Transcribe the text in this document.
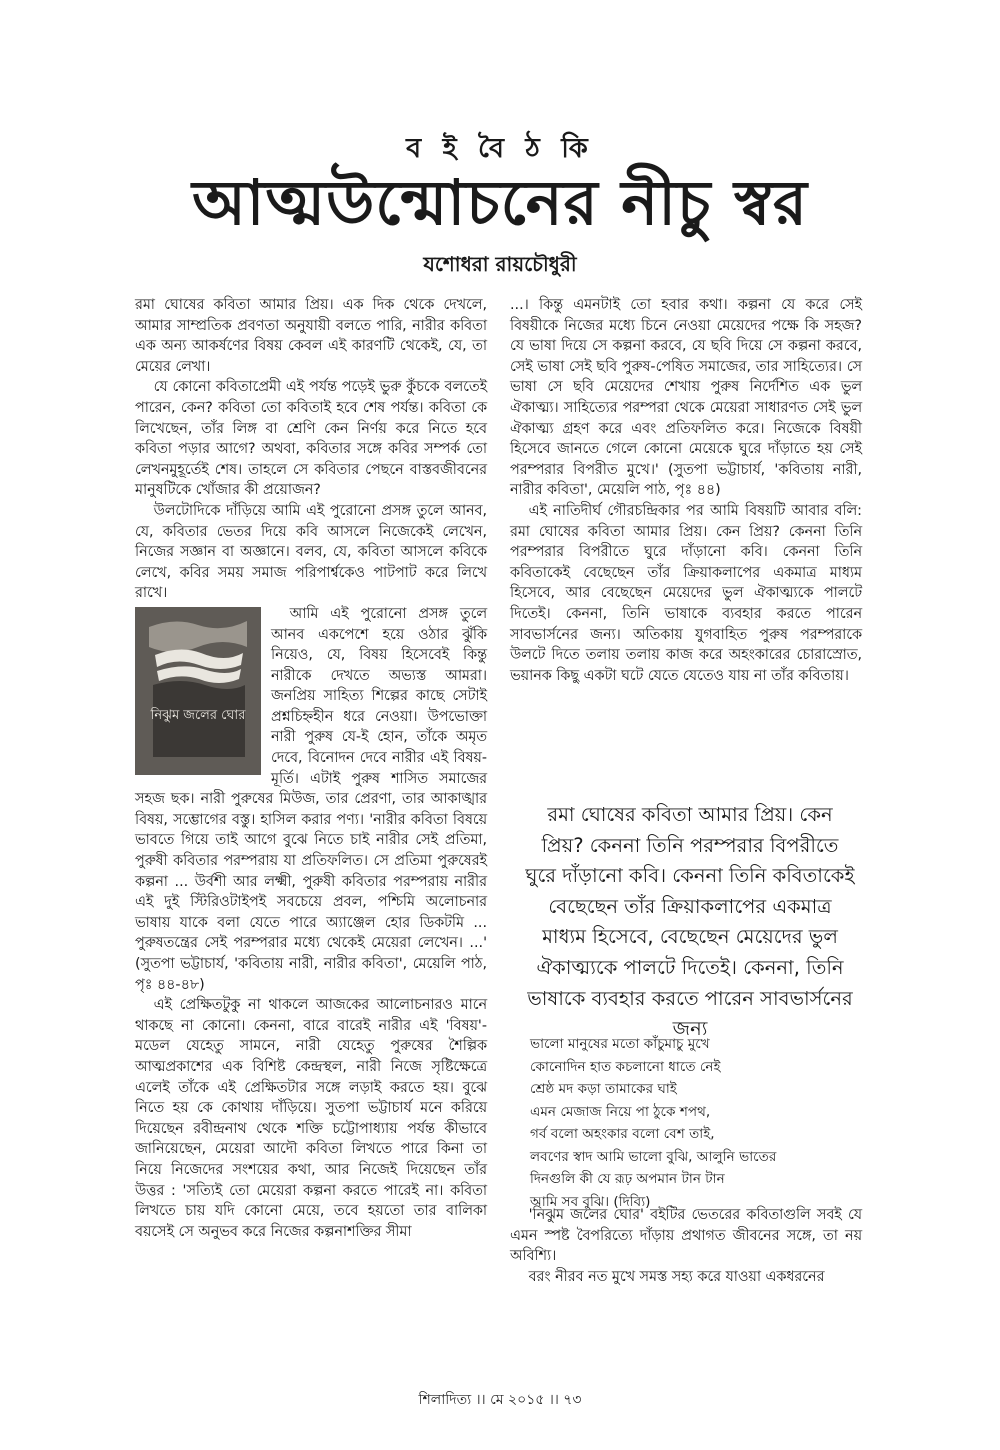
ব ই বৈ ঠ কি
আত্মউন্মোচনের নীচু স্বর
যশোধরা রায়চৌধুরী

রমা ঘোষের কবিতা আমার প্রিয়। এক দিক থেকে দেখলে, আমার সাম্প্রতিক প্রবণতা অনুযায়ী বলতে পারি, নারীর কবিতা এক অন্য আকর্ষণের বিষয় কেবল এই কারণটি থেকেই, যে, তা মেয়ের লেখা।

যে কোনো কবিতাপ্রেমী এই পর্যন্ত পড়েই ভুরু কুঁচকে বলতেই পারেন, কেন? কবিতা তো কবিতাই হবে শেষ পর্যন্ত। কবিতা কে লিখেছেন, তাঁর লিঙ্গ বা শ্রেণি কেন নির্ণয় করে নিতে হবে কবিতা পড়ার আগে? অথবা, কবিতার সঙ্গে কবির সম্পর্ক তো লেখনমুহূর্তেই শেষ। তাহলে সে কবিতার পেছনে বাস্তবজীবনের মানুষটিকে খোঁজার কী প্রয়োজন?

উলটোদিকে দাঁড়িয়ে আমি এই পুরোনো প্রসঙ্গ তুলে আনব, যে, কবিতার ভেতর দিয়ে কবি আসলে নিজেকেই লেখেন, নিজের সজ্ঞান বা অজ্ঞানে। বলব, যে, কবিতা আসলে কবিকে লেখে, কবির সময় সমাজ পরিপার্শ্বকেও পাটপাট করে লিখে রাখে।

নিঝুম জলের ঘোর

আমি এই পুরোনো প্রসঙ্গ তুলে আনব একপেশে হয়ে ওঠার ঝুঁকি নিয়েও, যে, বিষয় হিসেবেই কিন্তু নারীকে দেখতে অভ্যস্ত আমরা। জনপ্রিয় সাহিত্য শিল্পের কাছে সেটাই প্রশ্নচিহ্নহীন ধরে নেওয়া। উপভোক্তা নারী পুরুষ যে-ই হোন, তাঁকে অমৃত দেবে, বিনোদন দেবে নারীর এই বিষয়-মূর্তি। এটাই পুরুষ শাসিত সমাজের সহজ ছক। নারী পুরুষের মিউজ, তার প্রেরণা, তার আকাঙ্খার বিষয়, সম্ভোগের বস্তু। হাসিল করার পণ্য। 'নারীর কবিতা বিষয়ে ভাবতে গিয়ে তাই আগে বুঝে নিতে চাই নারীর সেই প্রতিমা, পুরুষী কবিতার পরম্পরায় যা প্রতিফলিত। সে প্রতিমা পুরুষেরই কল্পনা ... উর্বশী আর লক্ষ্মী, পুরুষী কবিতার পরম্পরায় নারীর এই দুই স্টিরিওটাইপই সবচেয়ে প্রবল, পশ্চিমি অলোচনার ভাষায় যাকে বলা যেতে পারে অ্যাঞ্জেল হোর ডিকটমি ... পুরুষতন্ত্রের সেই পরম্পরার মধ্যে থেকেই মেয়েরা লেখেন। ...' (সুতপা ভট্টাচার্য, 'কবিতায় নারী, নারীর কবিতা', মেয়েলি পাঠ, পৃঃ ৪৪-৪৮)

এই প্রেক্ষিতটুকু না থাকলে আজকের আলোচনারও মানে থাকছে না কোনো। কেননা, বারে বারেই নারীর এই 'বিষয়'-মডেল যেহেতু সামনে, নারী যেহেতু পুরুষের শৈল্পিক আত্মপ্রকাশের এক বিশিষ্ট কেন্দ্রস্থল, নারী নিজে সৃষ্টিক্ষেত্রে এলেই তাঁকে এই প্রেক্ষিতটার সঙ্গে লড়াই করতে হয়। বুঝে নিতে হয় কে কোথায় দাঁড়িয়ে। সুতপা ভট্টাচার্য মনে করিয়ে দিয়েছেন রবীন্দ্রনাথ থেকে শক্তি চট্টোপাধ্যায় পর্যন্ত কীভাবে জানিয়েছেন, মেয়েরা আদৌ কবিতা লিখতে পারে কিনা তা নিয়ে নিজেদের সংশয়ের কথা, আর নিজেই দিয়েছেন তাঁর উত্তর : 'সত্যিই তো মেয়েরা কল্পনা করতে পারেই না। কবিতা লিখতে চায় যদি কোনো মেয়ে, তবে হয়তো তার বালিকা বয়সেই সে অনুভব করে নিজের কল্পনাশক্তির সীমা

...। কিন্তু এমনটাই তো হবার কথা। কল্পনা যে করে সেই বিষয়ীকে নিজের মধ্যে চিনে নেওয়া মেয়েদের পক্ষে কি সহজ? যে ভাষা দিয়ে সে কল্পনা করবে, যে ছবি দিয়ে সে কল্পনা করবে, সেই ভাষা সেই ছবি পুরুষ-পেষিত সমাজের, তার সাহিত্যের। সে ভাষা সে ছবি মেয়েদের শেখায় পুরুষ নির্দেশিত এক ভুল ঐকাত্ম্য। সাহিত্যের পরম্পরা থেকে মেয়েরা সাধারণত সেই ভুল ঐকাত্ম্য গ্রহণ করে এবং প্রতিফলিত করে। নিজেকে বিষয়ী হিসেবে জানতে গেলে কোনো মেয়েকে ঘুরে দাঁড়াতে হয় সেই পরম্পরার বিপরীত মুখে।' (সুতপা ভট্টাচার্য, 'কবিতায় নারী, নারীর কবিতা', মেয়েলি পাঠ, পৃঃ ৪৪)

এই নাতিদীর্ঘ গৌরচন্দ্রিকার পর আমি বিষয়টি আবার বলি: রমা ঘোষের কবিতা আমার প্রিয়। কেন প্রিয়? কেননা তিনি পরম্পরার বিপরীতে ঘুরে দাঁড়ানো কবি। কেননা তিনি কবিতাকেই বেছেছেন তাঁর ক্রিয়াকলাপের একমাত্র মাধ্যম হিসেবে, আর বেছেছেন মেয়েদের ভুল ঐকাত্ম্যকে পালটে দিতেই। কেননা, তিনি ভাষাকে ব্যবহার করতে পারেন সাবভার্সনের জন্য। অতিকায় যুগবাহিত পুরুষ পরম্পরাকে উলটে দিতে তলায় তলায় কাজ করে অহংকারের চোরাস্রোত, ভয়ানক কিছু একটা ঘটে যেতে যেতেও যায় না তাঁর কবিতায়।

রমা ঘোষের কবিতা আমার প্রিয়। কেন প্রিয়? কেননা তিনি পরম্পরার বিপরীতে ঘুরে দাঁড়ানো কবি। কেননা তিনি কবিতাকেই বেছেছেন তাঁর ক্রিয়াকলাপের একমাত্র মাধ্যম হিসেবে, বেছেছেন মেয়েদের ভুল ঐকাত্ম্যকে পালটে দিতেই। কেননা, তিনি ভাষাকে ব্যবহার করতে পারেন সাবভার্সনের জন্য
ভালো মানুষের মতো কাঁচুমাচু মুখে
কোনোদিন হাত কচলানো ধাতে নেই
শ্রেষ্ঠ মদ কড়া তামাকের ঘাই
এমন মেজাজ নিয়ে পা ঠুকে শপথ,
গর্ব বলো অহংকার বলো বেশ তাই,
লবণের স্বাদ আমি ভালো বুঝি, আলুনি ভাতের
দিনগুলি কী যে রূঢ় অপমান টান টান
আমি সব বুঝি। (দিব্যি)

'নিঝুম জলের ঘোর' বইটির ভেতরের কবিতাগুলি সবই যে এমন স্পষ্ট বৈপরিত্যে দাঁড়ায় প্রথাগত জীবনের সঙ্গে, তা নয় অবিশ্যি।

বরং নীরব নত মুখে সমস্ত সহ্য করে যাওয়া একধরনের

শিলাদিত্য ।। মে ২০১৫ ।। ৭৩
